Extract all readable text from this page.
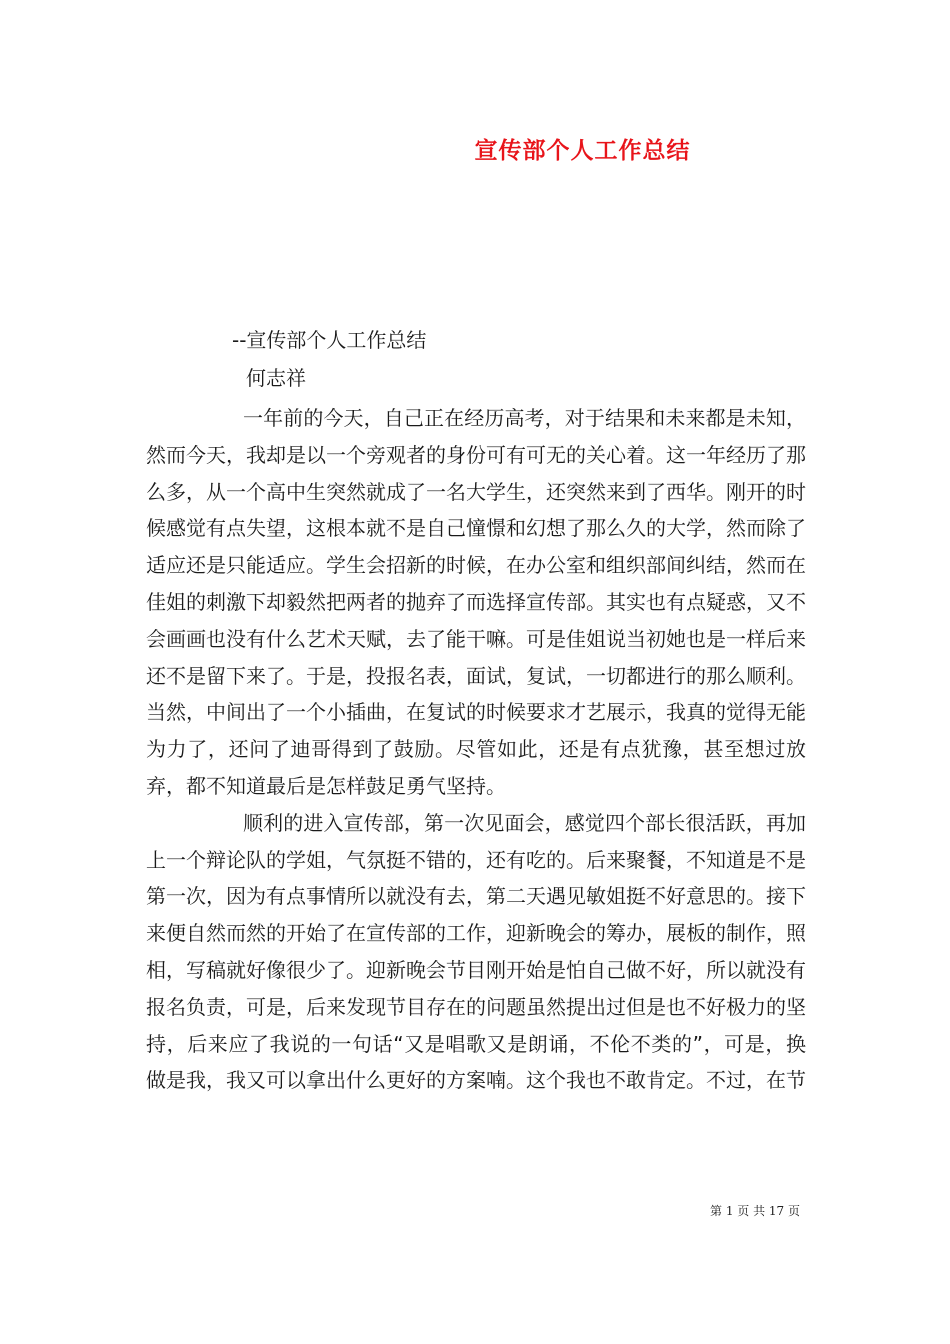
宣传部个人工作总结
--宣传部个人工作总结
何志祥

一年前的今天，自己正在经历高考，对于结果和未来都是未知，然而今天，我却是以一个旁观者的身份可有可无的关心着。这一年经历了那么多，从一个高中生突然就成了一名大学生，还突然来到了西华。刚开的时候感觉有点失望，这根本就不是自己憧憬和幻想了那么久的大学，然而除了适应还是只能适应。学生会招新的时候，在办公室和组织部间纠结，然而在佳姐的刺激下却毅然把两者的抛弃了而选择宣传部。其实也有点疑惑，又不会画画也没有什么艺术天赋，去了能干嘛。可是佳姐说当初她也是一样后来还不是留下来了。于是，投报名表，面试，复试，一切都进行的那么顺利。当然，中间出了一个小插曲，在复试的时候要求才艺展示，我真的觉得无能为力了，还问了迪哥得到了鼓励。尽管如此，还是有点犹豫，甚至想过放弃，都不知道最后是怎样鼓足勇气坚持。

顺利的进入宣传部，第一次见面会，感觉四个部长很活跃，再加上一个辩论队的学姐，气氛挺不错的，还有吃的。后来聚餐，不知道是不是第一次，因为有点事情所以就没有去，第二天遇见敏姐挺不好意思的。接下来便自然而然的开始了在宣传部的工作，迎新晚会的筹办，展板的制作，照相，写稿就好像很少了。迎新晚会节目刚开始是怕自己做不好，所以就没有报名负责，可是，后来发现节目存在的问题虽然提出过但是也不好极力的坚持，后来应了我说的一句话“又是唱歌又是朗诵，不伦不类的”，可是，换做是我，我又可以拿出什么更好的方案喃。这个我也不敢肯定。不过，在节

第 1 页 共 17 页
